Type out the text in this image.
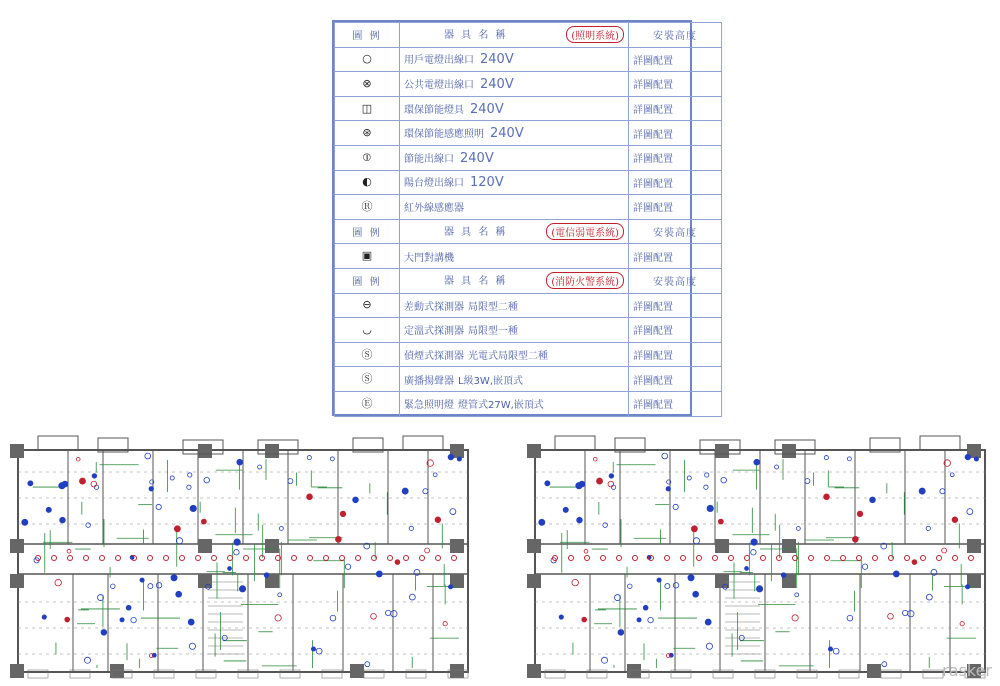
圖 例	器 具 名 稱 (照明系統)	安裝高度
○	用戶電燈出線口 240V	詳圖配置
⊗	公共電燈出線口 240V	詳圖配置
◫	環保節能燈具 240V	詳圖配置
⊛	環保節能感應照明 240V	詳圖配置
⦶	節能出線口 240V	詳圖配置
◐	陽台燈出線口 120V	詳圖配置
Ⓡ	紅外線感應器	詳圖配置
圖 例	器 具 名 稱 (電信弱電系統)	安裝高度
▣	大門對講機	詳圖配置
圖 例	器 具 名 稱 (消防火警系統)	安裝高度
⊖	差動式探測器 局限型二種	詳圖配置
◡	定溫式探測器 局限型一種	詳圖配置
Ⓢ	偵煙式探測器 光電式局限型二種	詳圖配置
Ⓢ	廣播揚聲器 L級3W,嵌頂式	詳圖配置
Ⓔ	緊急照明燈 燈管式27W,嵌頂式	詳圖配置
rasker
